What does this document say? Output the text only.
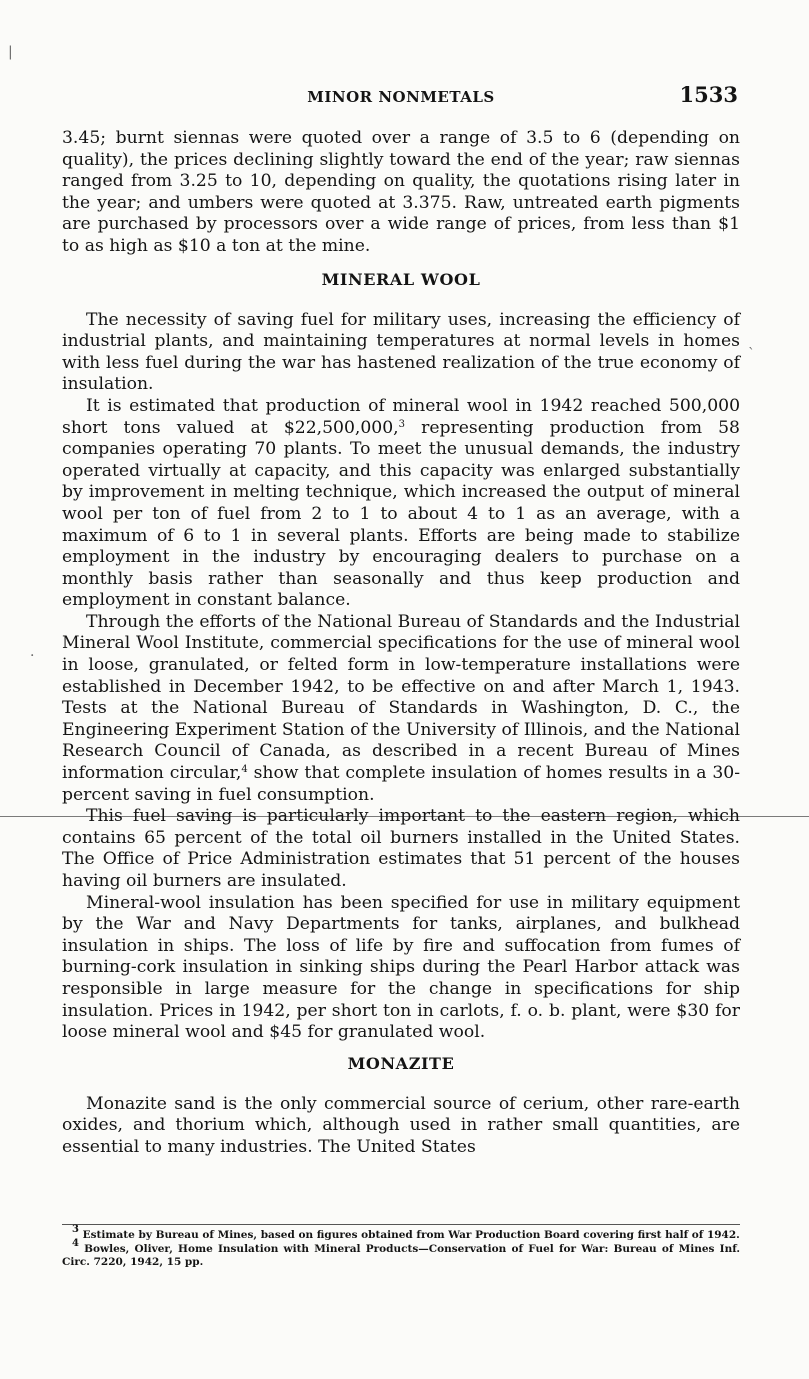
|
·
`
MINOR NONMETALS	1533

3.45; burnt siennas were quoted over a range of 3.5 to 6 (depending on quality), the prices declining slightly toward the end of the year; raw siennas ranged from 3.25 to 10, depending on quality, the quotations rising later in the year; and umbers were quoted at 3.375. Raw, untreated earth pigments are purchased by processors over a wide range of prices, from less than $1 to as high as $10 a ton at the mine.

MINERAL WOOL

The necessity of saving fuel for military uses, increasing the efficiency of industrial plants, and maintaining temperatures at normal levels in homes with less fuel during the war has hastened realization of the true economy of insulation.

It is estimated that production of mineral wool in 1942 reached 500,000 short tons valued at $22,500,000,$^3$ representing production from 58 companies operating 70 plants. To meet the unusual demands, the industry operated virtually at capacity, and this capacity was enlarged substantially by improvement in melting technique, which increased the output of mineral wool per ton of fuel from 2 to 1 to about 4 to 1 as an average, with a maximum of 6 to 1 in several plants. Efforts are being made to stabilize employment in the industry by encouraging dealers to purchase on a monthly basis rather than seasonally and thus keep production and employment in constant balance.

Through the efforts of the National Bureau of Standards and the Industrial Mineral Wool Institute, commercial specifications for the use of mineral wool in loose, granulated, or felted form in low-temperature installations were established in December 1942, to be effective on and after March 1, 1943. Tests at the National Bureau of Standards in Washington, D. C., the Engineering Experiment Station of the University of Illinois, and the National Research Council of Canada, as described in a recent Bureau of Mines information circular,$^4$ show that complete insulation of homes results in a 30-percent saving in fuel consumption.

This fuel saving is particularly important to the eastern region, which contains 65 percent of the total oil burners installed in the United States. The Office of Price Administration estimates that 51 percent of the houses having oil burners are insulated.

Mineral-wool insulation has been specified for use in military equipment by the War and Navy Departments for tanks, airplanes, and bulkhead insulation in ships. The loss of life by fire and suffocation from fumes of burning-cork insulation in sinking ships during the Pearl Harbor attack was responsible in large measure for the change in specifications for ship insulation. Prices in 1942, per short ton in carlots, f. o. b. plant, were $30 for loose mineral wool and $45 for granulated wool.

MONAZITE

Monazite sand is the only commercial source of cerium, other rare-earth oxides, and thorium which, although used in rather small quantities, are essential to many industries. The United States

$^3$ Estimate by Bureau of Mines, based on figures obtained from War Production Board covering first half of 1942.

$^4$ Bowles, Oliver, Home Insulation with Mineral Products—Conservation of Fuel for War: Bureau of Mines Inf. Circ. 7220, 1942, 15 pp.
